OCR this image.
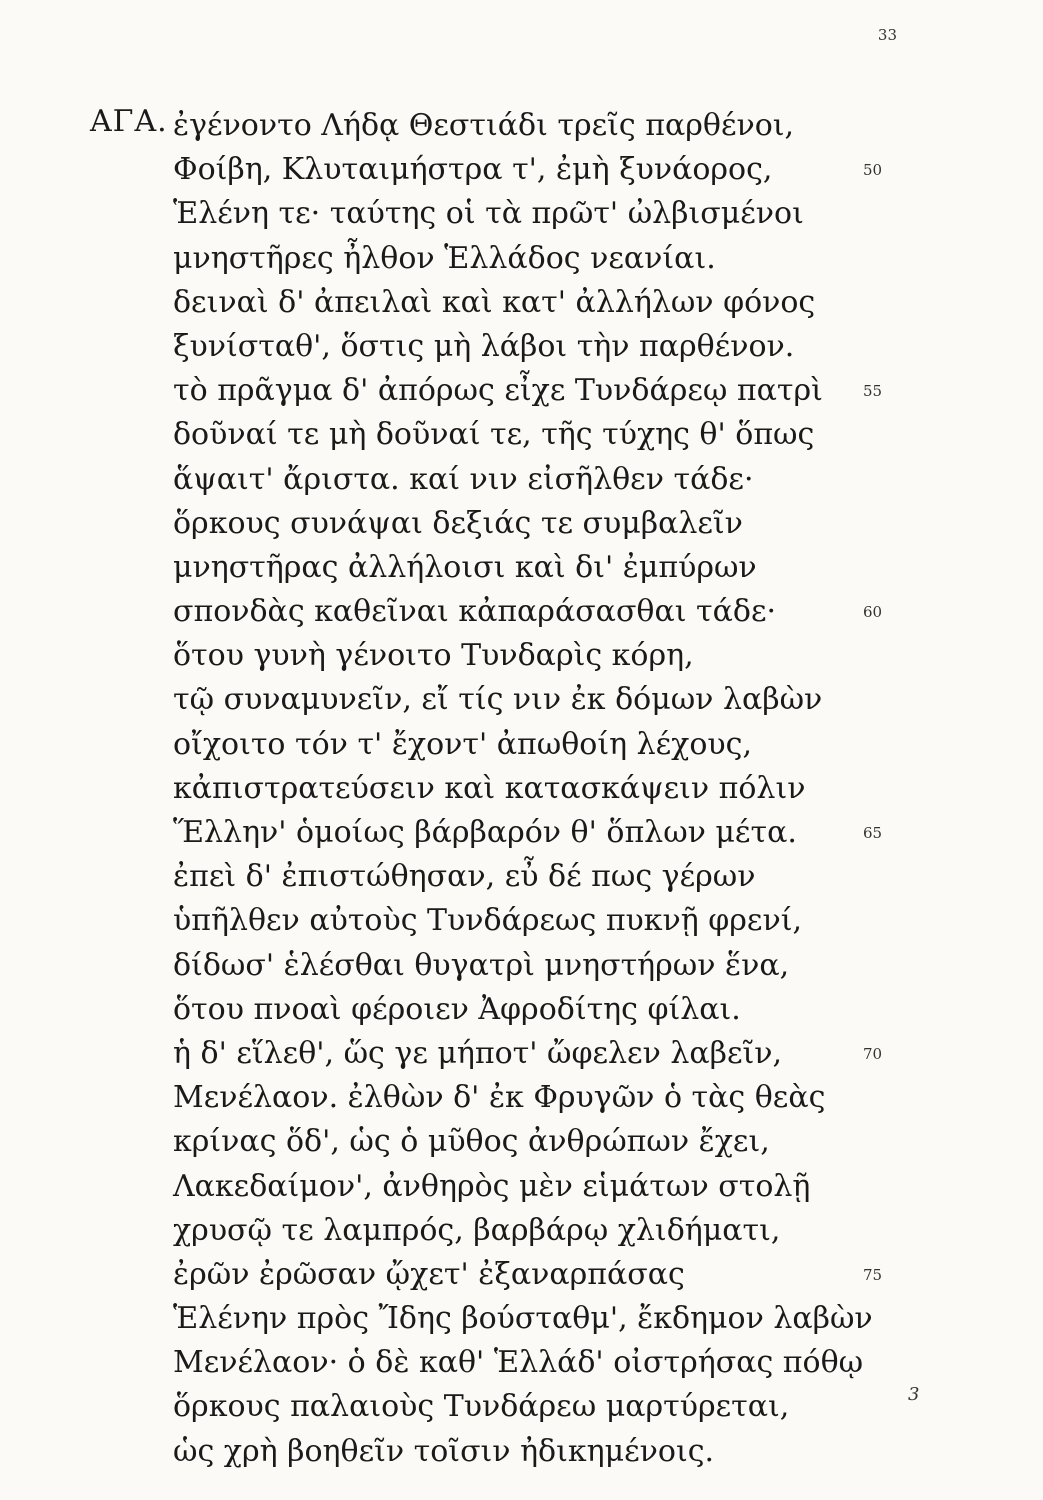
33
ΑΓΑ. ἐγένοντο Λήδᾳ Θεστιάδι τρεῖς παρθένοι,
Φοίβη, Κλυταιμήστρα τ', ἐμὴ ξυνάορος,	50
Ἑλένη τε· ταύτης οἱ τὰ πρῶτ' ὠλβισμένοι
μνηστῆρες ἦλθον Ἑλλάδος νεανίαι.
δειναὶ δ' ἀπειλαὶ καὶ κατ' ἀλλήλων φόνος
ξυνίσταθ', ὅστις μὴ λάβοι τὴν παρθένον.
τὸ πρᾶγμα δ' ἀπόρως εἶχε Τυνδάρεῳ πατρὶ	55
δοῦναί τε μὴ δοῦναί τε, τῆς τύχης θ' ὅπως
ἅψαιτ' ἄριστα. καί νιν εἰσῆλθεν τάδε·
ὅρκους συνάψαι δεξιάς τε συμβαλεῖν
μνηστῆρας ἀλλήλοισι καὶ δι' ἐμπύρων
σπονδὰς καθεῖναι κἀπαράσασθαι τάδε·	60
ὅτου γυνὴ γένοιτο Τυνδαρὶς κόρη,
τῷ συναμυνεῖν, εἴ τίς νιν ἐκ δόμων λαβὼν
οἴχοιτο τόν τ' ἔχοντ' ἀπωθοίη λέχους,
κἀπιστρατεύσειν καὶ κατασκάψειν πόλιν
Ἕλλην' ὁμοίως βάρβαρόν θ' ὅπλων μέτα.	65
ἐπεὶ δ' ἐπιστώθησαν, εὖ δέ πως γέρων
ὑπῆλθεν αὐτοὺς Τυνδάρεως πυκνῇ φρενί,
δίδωσ' ἑλέσθαι θυγατρὶ μνηστήρων ἕνα,
ὅτου πνοαὶ φέροιεν Ἀφροδίτης φίλαι.
ἡ δ' εἵλεθ', ὥς γε μήποτ' ὤφελεν λαβεῖν,	70
Μενέλαον. ἐλθὼν δ' ἐκ Φρυγῶν ὁ τὰς θεὰς
κρίνας ὅδ', ὡς ὁ μῦθος ἀνθρώπων ἔχει,
Λακεδαίμον', ἀνθηρὸς μὲν εἱμάτων στολῇ
χρυσῷ τε λαμπρός, βαρβάρῳ χλιδήματι,
ἐρῶν ἐρῶσαν ᾤχετ' ἐξαναρπάσας	75
Ἑλένην πρὸς Ἴδης βούσταθμ', ἔκδημον λαβὼν
Μενέλαον· ὁ δὲ καθ' Ἑλλάδ' οἰστρήσας πόθῳ
ὅρκους παλαιοὺς Τυνδάρεω μαρτύρεται,
ὡς χρὴ βοηθεῖν τοῖσιν ἠδικημένοις.
3
